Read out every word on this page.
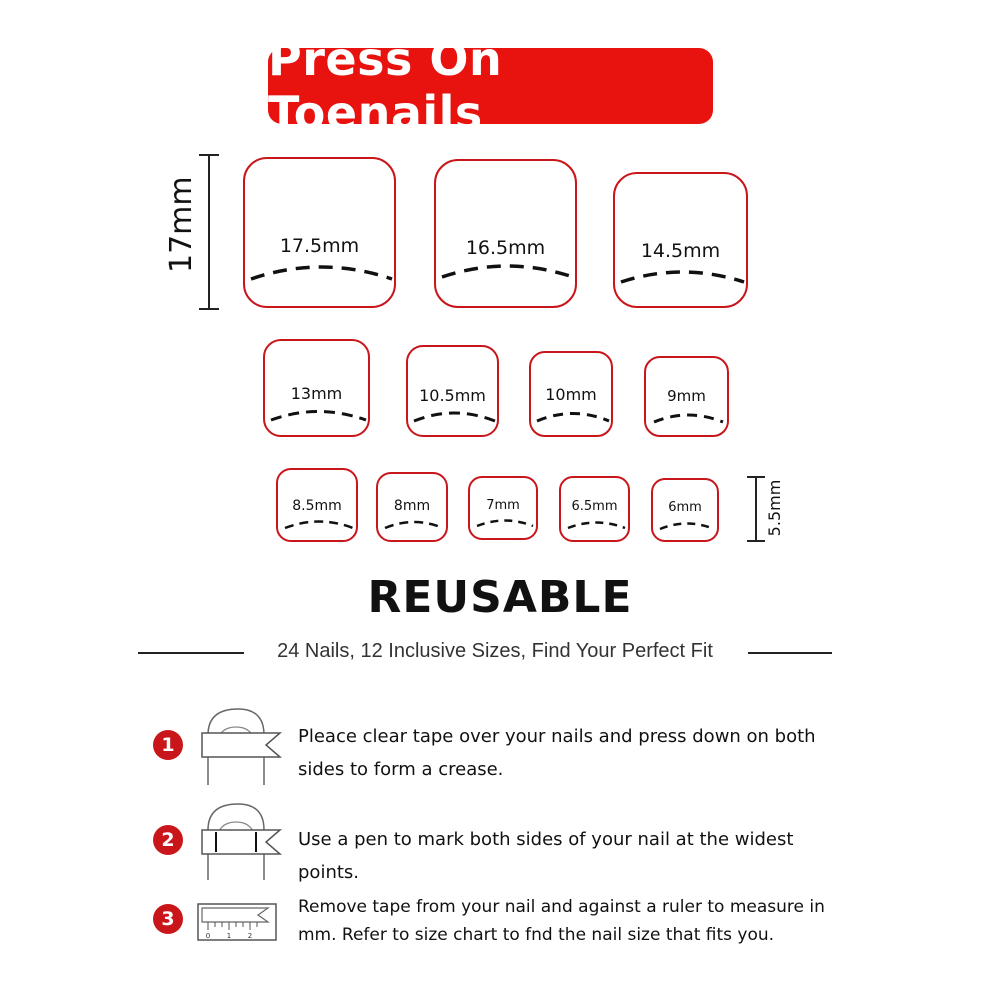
Press On Toenails
17mm	17.5mm	16.5mm	14.5mm
13mm	10.5mm	10mm	9mm
8.5mm	8mm	7mm	6.5mm	6mm	5.5mm
REUSABLE
24 Nails, 12 Inclusive Sizes, Find Your Perfect Fit
1	Pleace clear tape over your nails and press down on both sides to form a crease.
2	Use a pen to mark both sides of your nail at the widest points.
3
0 1 2
Remove tape from your nail and against a ruler to measure in mm. Refer to size chart to fnd the nail size that fits you.
